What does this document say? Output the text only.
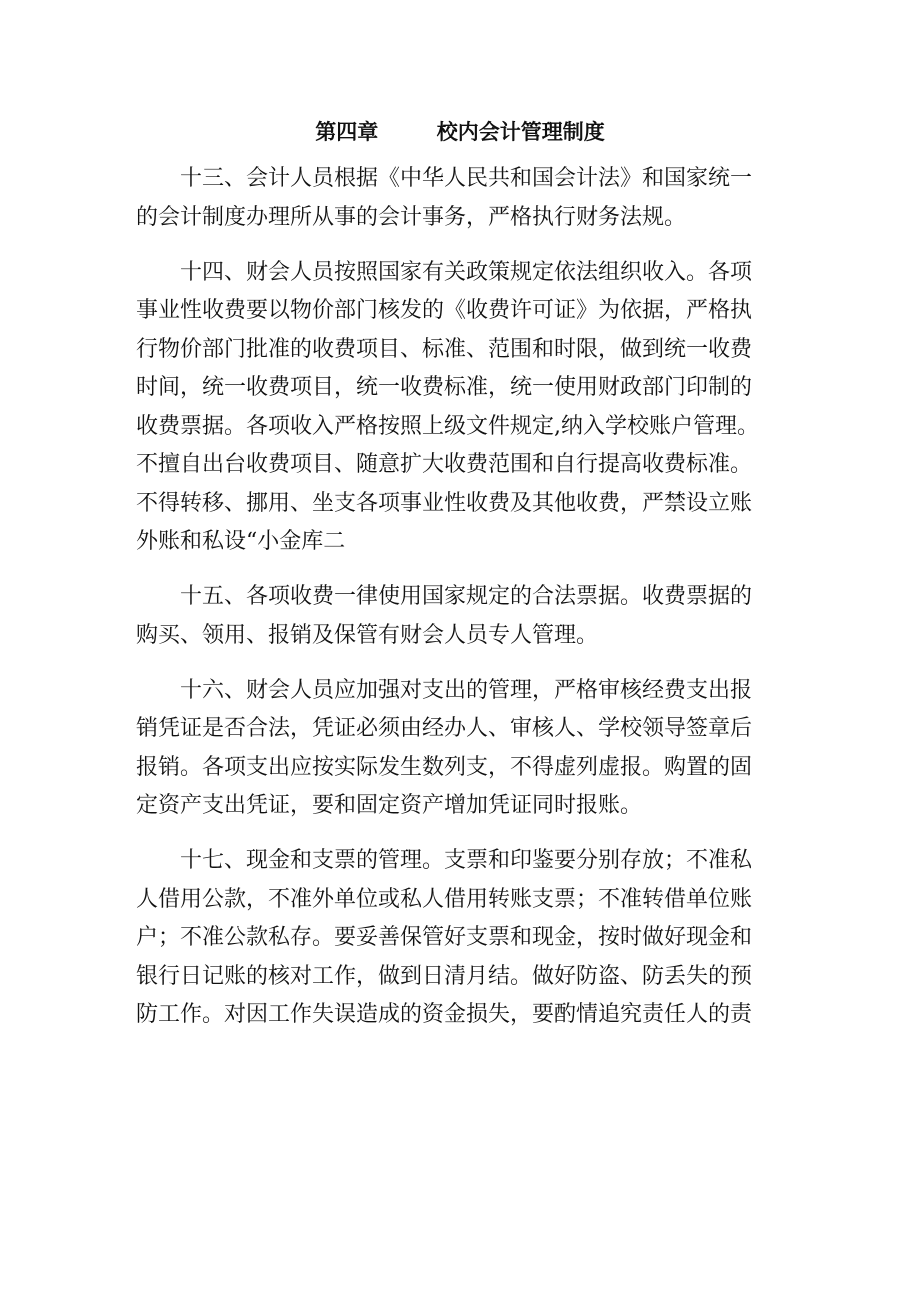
第四章	校内会计管理制度
十三、会计人员根据《中华人民共和国会计法》和国家统一
的会计制度办理所从事的会计事务，严格执行财务法规。
十四、财会人员按照国家有关政策规定依法组织收入。各项
事业性收费要以物价部门核发的《收费许可证》为依据，严格执
行物价部门批准的收费项目、标准、范围和时限，做到统一收费
时间，统一收费项目，统一收费标准，统一使用财政部门印制的
收费票据。各项收入严格按照上级文件规定,纳入学校账户管理。
不擅自出台收费项目、随意扩大收费范围和自行提高收费标准。
不得转移、挪用、坐支各项事业性收费及其他收费，严禁设立账
外账和私设“小金库二
十五、各项收费一律使用国家规定的合法票据。收费票据的
购买、领用、报销及保管有财会人员专人管理。
十六、财会人员应加强对支出的管理，严格审核经费支出报
销凭证是否合法，凭证必须由经办人、审核人、学校领导签章后
报销。各项支出应按实际发生数列支，不得虚列虚报。购置的固
定资产支出凭证，要和固定资产增加凭证同时报账。
十七、现金和支票的管理。支票和印鉴要分别存放；不准私
人借用公款，不准外单位或私人借用转账支票；不准转借单位账
户；不准公款私存。要妥善保管好支票和现金，按时做好现金和
银行日记账的核对工作，做到日清月结。做好防盗、防丢失的预
防工作。对因工作失误造成的资金损失，要酌情追究责任人的责
